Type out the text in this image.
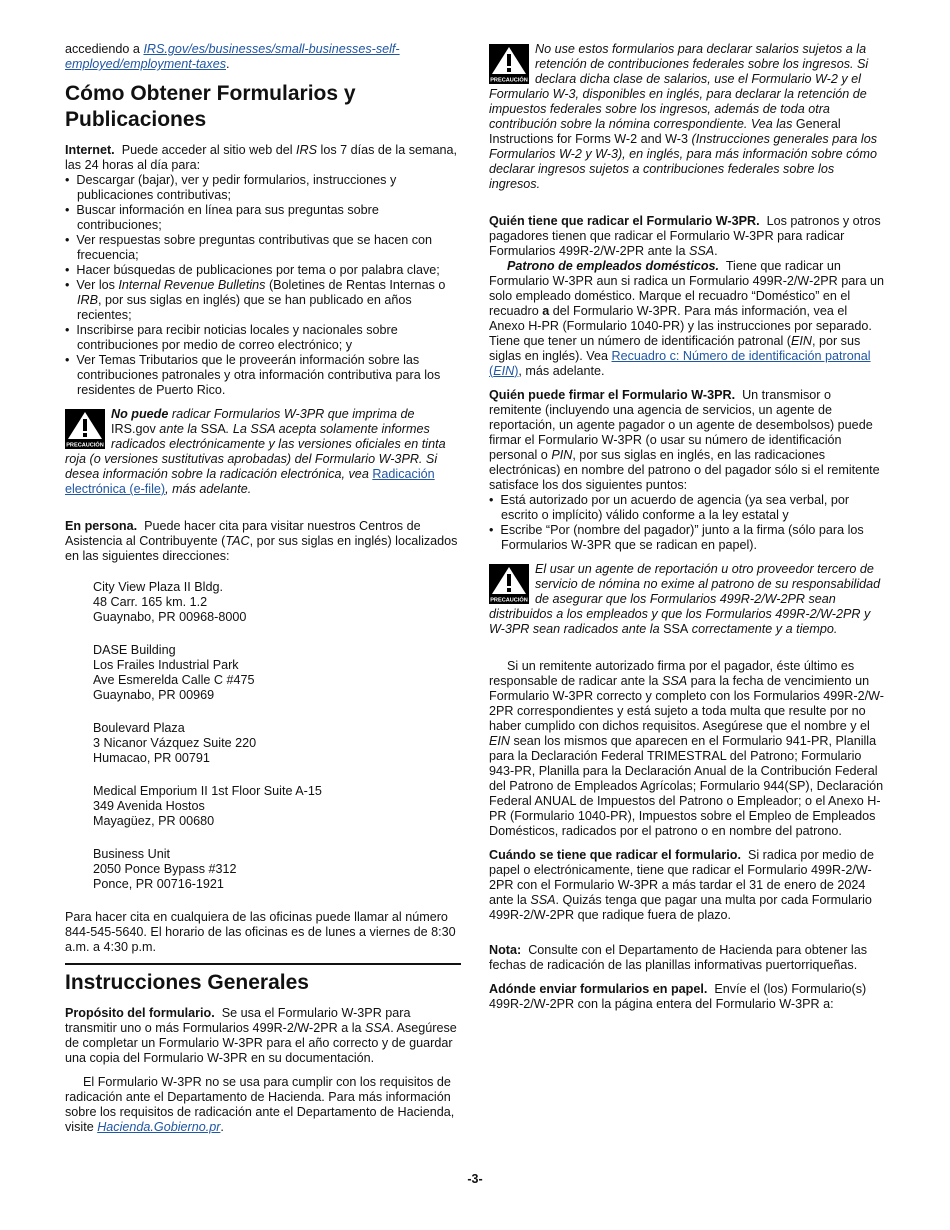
accediendo a IRS.gov/es/businesses/small-businesses-self-employed/employment-taxes.

Cómo Obtener Formularios y Publicaciones

Internet. Puede acceder al sitio web del IRS los 7 días de la semana, las 24 horas al día para:

•  Descargar (bajar), ver y pedir formularios, instrucciones y publicaciones contributivas;

•  Buscar información en línea para sus preguntas sobre contribuciones;

•  Ver respuestas sobre preguntas contributivas que se hacen con frecuencia;

•  Hacer búsquedas de publicaciones por tema o por palabra clave;

•  Ver los Internal Revenue Bulletins (Boletines de Rentas Internas o IRB, por sus siglas en inglés) que se han publicado en años recientes;

•  Inscribirse para recibir noticias locales y nacionales sobre contribuciones por medio de correo electrónico; y

•  Ver Temas Tributarios que le proveerán información sobre las contribuciones patronales y otra información contributiva para los residentes de Puerto Rico.

PRECAUCIÓN

No puede radicar Formularios W-3PR que imprima de IRS.gov ante la SSA. La SSA acepta solamente informes radicados electrónicamente y las versiones oficiales en tinta roja (o versiones sustitutivas aprobadas) del Formulario W-3PR. Si desea información sobre la radicación electrónica, vea Radicación electrónica (e-file), más adelante.

En persona. Puede hacer cita para visitar nuestros Centros de Asistencia al Contribuyente (TAC, por sus siglas en inglés) localizados en las siguientes direcciones:

City View Plaza II Bldg.
48 Carr. 165 km. 1.2
Guaynabo, PR 00968-8000
DASE Building
Los Frailes Industrial Park
Ave Esmerelda Calle C #475
Guaynabo, PR 00969
Boulevard Plaza
3 Nicanor Vázquez Suite 220
Humacao, PR 00791
Medical Emporium II 1st Floor Suite A-15
349 Avenida Hostos
Mayagüez, PR 00680
Business Unit
2050 Ponce Bypass #312
Ponce, PR 00716-1921

Para hacer cita en cualquiera de las oficinas puede llamar al número 844-545-5640. El horario de las oficinas es de lunes a viernes de 8:30 a.m. a 4:30 p.m.

Instrucciones Generales

Propósito del formulario. Se usa el Formulario W-3PR para transmitir uno o más Formularios 499R-2/W-2PR a la SSA. Asegúrese de completar un Formulario W-3PR para el año correcto y de guardar una copia del Formulario W-3PR en su documentación.

El Formulario W-3PR no se usa para cumplir con los requisitos de radicación ante el Departamento de Hacienda. Para más información sobre los requisitos de radicación ante el Departamento de Hacienda, visite Hacienda.Gobierno.pr.

PRECAUCIÓN

No use estos formularios para declarar salarios sujetos a la retención de contribuciones federales sobre los ingresos. Si declara dicha clase de salarios, use el Formulario W-2 y el Formulario W-3, disponibles en inglés, para declarar la retención de impuestos federales sobre los ingresos, además de toda otra contribución sobre la nómina correspondiente. Vea las General Instructions for Forms W-2 and W-3 (Instrucciones generales para los Formularios W-2 y W-3), en inglés, para más información sobre cómo declarar ingresos sujetos a contribuciones federales sobre los ingresos.

Quién tiene que radicar el Formulario W-3PR. Los patronos y otros pagadores tienen que radicar el Formulario W-3PR para radicar Formularios 499R-2/W-2PR ante la SSA.

Patrono de empleados domésticos. Tiene que radicar un Formulario W-3PR aun si radica un Formulario 499R-2/W-2PR para un solo empleado doméstico. Marque el recuadro “Doméstico” en el recuadro a del Formulario W-3PR. Para más información, vea el Anexo H-PR (Formulario 1040-PR) y las instrucciones por separado. Tiene que tener un número de identificación patronal (EIN, por sus siglas en inglés). Vea Recuadro c: Número de identificación patronal (EIN), más adelante.

Quién puede firmar el Formulario W-3PR. Un transmisor o remitente (incluyendo una agencia de servicios, un agente de reportación, un agente pagador o un agente de desembolsos) puede firmar el Formulario W-3PR (o usar su número de identificación personal o PIN, por sus siglas en inglés, en las radicaciones electrónicas) en nombre del patrono o del pagador sólo si el remitente satisface los dos siguientes puntos:

•  Está autorizado por un acuerdo de agencia (ya sea verbal, por escrito o implícito) válido conforme a la ley estatal y

•  Escribe “Por (nombre del pagador)” junto a la firma (sólo para los Formularios W-3PR que se radican en papel).

PRECAUCIÓN

El usar un agente de reportación u otro proveedor tercero de servicio de nómina no exime al patrono de su responsabilidad de asegurar que los Formularios 499R-2/W-2PR sean distribuidos a los empleados y que los Formularios 499R-2/W-2PR y W-3PR sean radicados ante la SSA correctamente y a tiempo.

Si un remitente autorizado firma por el pagador, éste último es responsable de radicar ante la SSA para la fecha de vencimiento un Formulario W-3PR correcto y completo con los Formularios 499R-2/W-2PR correspondientes y está sujeto a toda multa que resulte por no haber cumplido con dichos requisitos. Asegúrese que el nombre y el EIN sean los mismos que aparecen en el Formulario 941-PR, Planilla para la Declaración Federal TRIMESTRAL del Patrono; Formulario 943-PR, Planilla para la Declaración Anual de la Contribución Federal del Patrono de Empleados Agrícolas; Formulario 944(SP), Declaración Federal ANUAL de Impuestos del Patrono o Empleador; o el Anexo H-PR (Formulario 1040-PR), Impuestos sobre el Empleo de Empleados Domésticos, radicados por el patrono o en nombre del patrono.

Cuándo se tiene que radicar el formulario. Si radica por medio de papel o electrónicamente, tiene que radicar el Formulario 499R-2/W-2PR con el Formulario W-3PR a más tardar el 31 de enero de 2024 ante la SSA. Quizás tenga que pagar una multa por cada Formulario 499R-2/W-2PR que radique fuera de plazo.

Nota: Consulte con el Departamento de Hacienda para obtener las fechas de radicación de las planillas informativas puertorriqueñas.

Adónde enviar formularios en papel. Envíe el (los) Formulario(s) 499R-2/W-2PR con la página entera del Formulario W-3PR a:

-3-
